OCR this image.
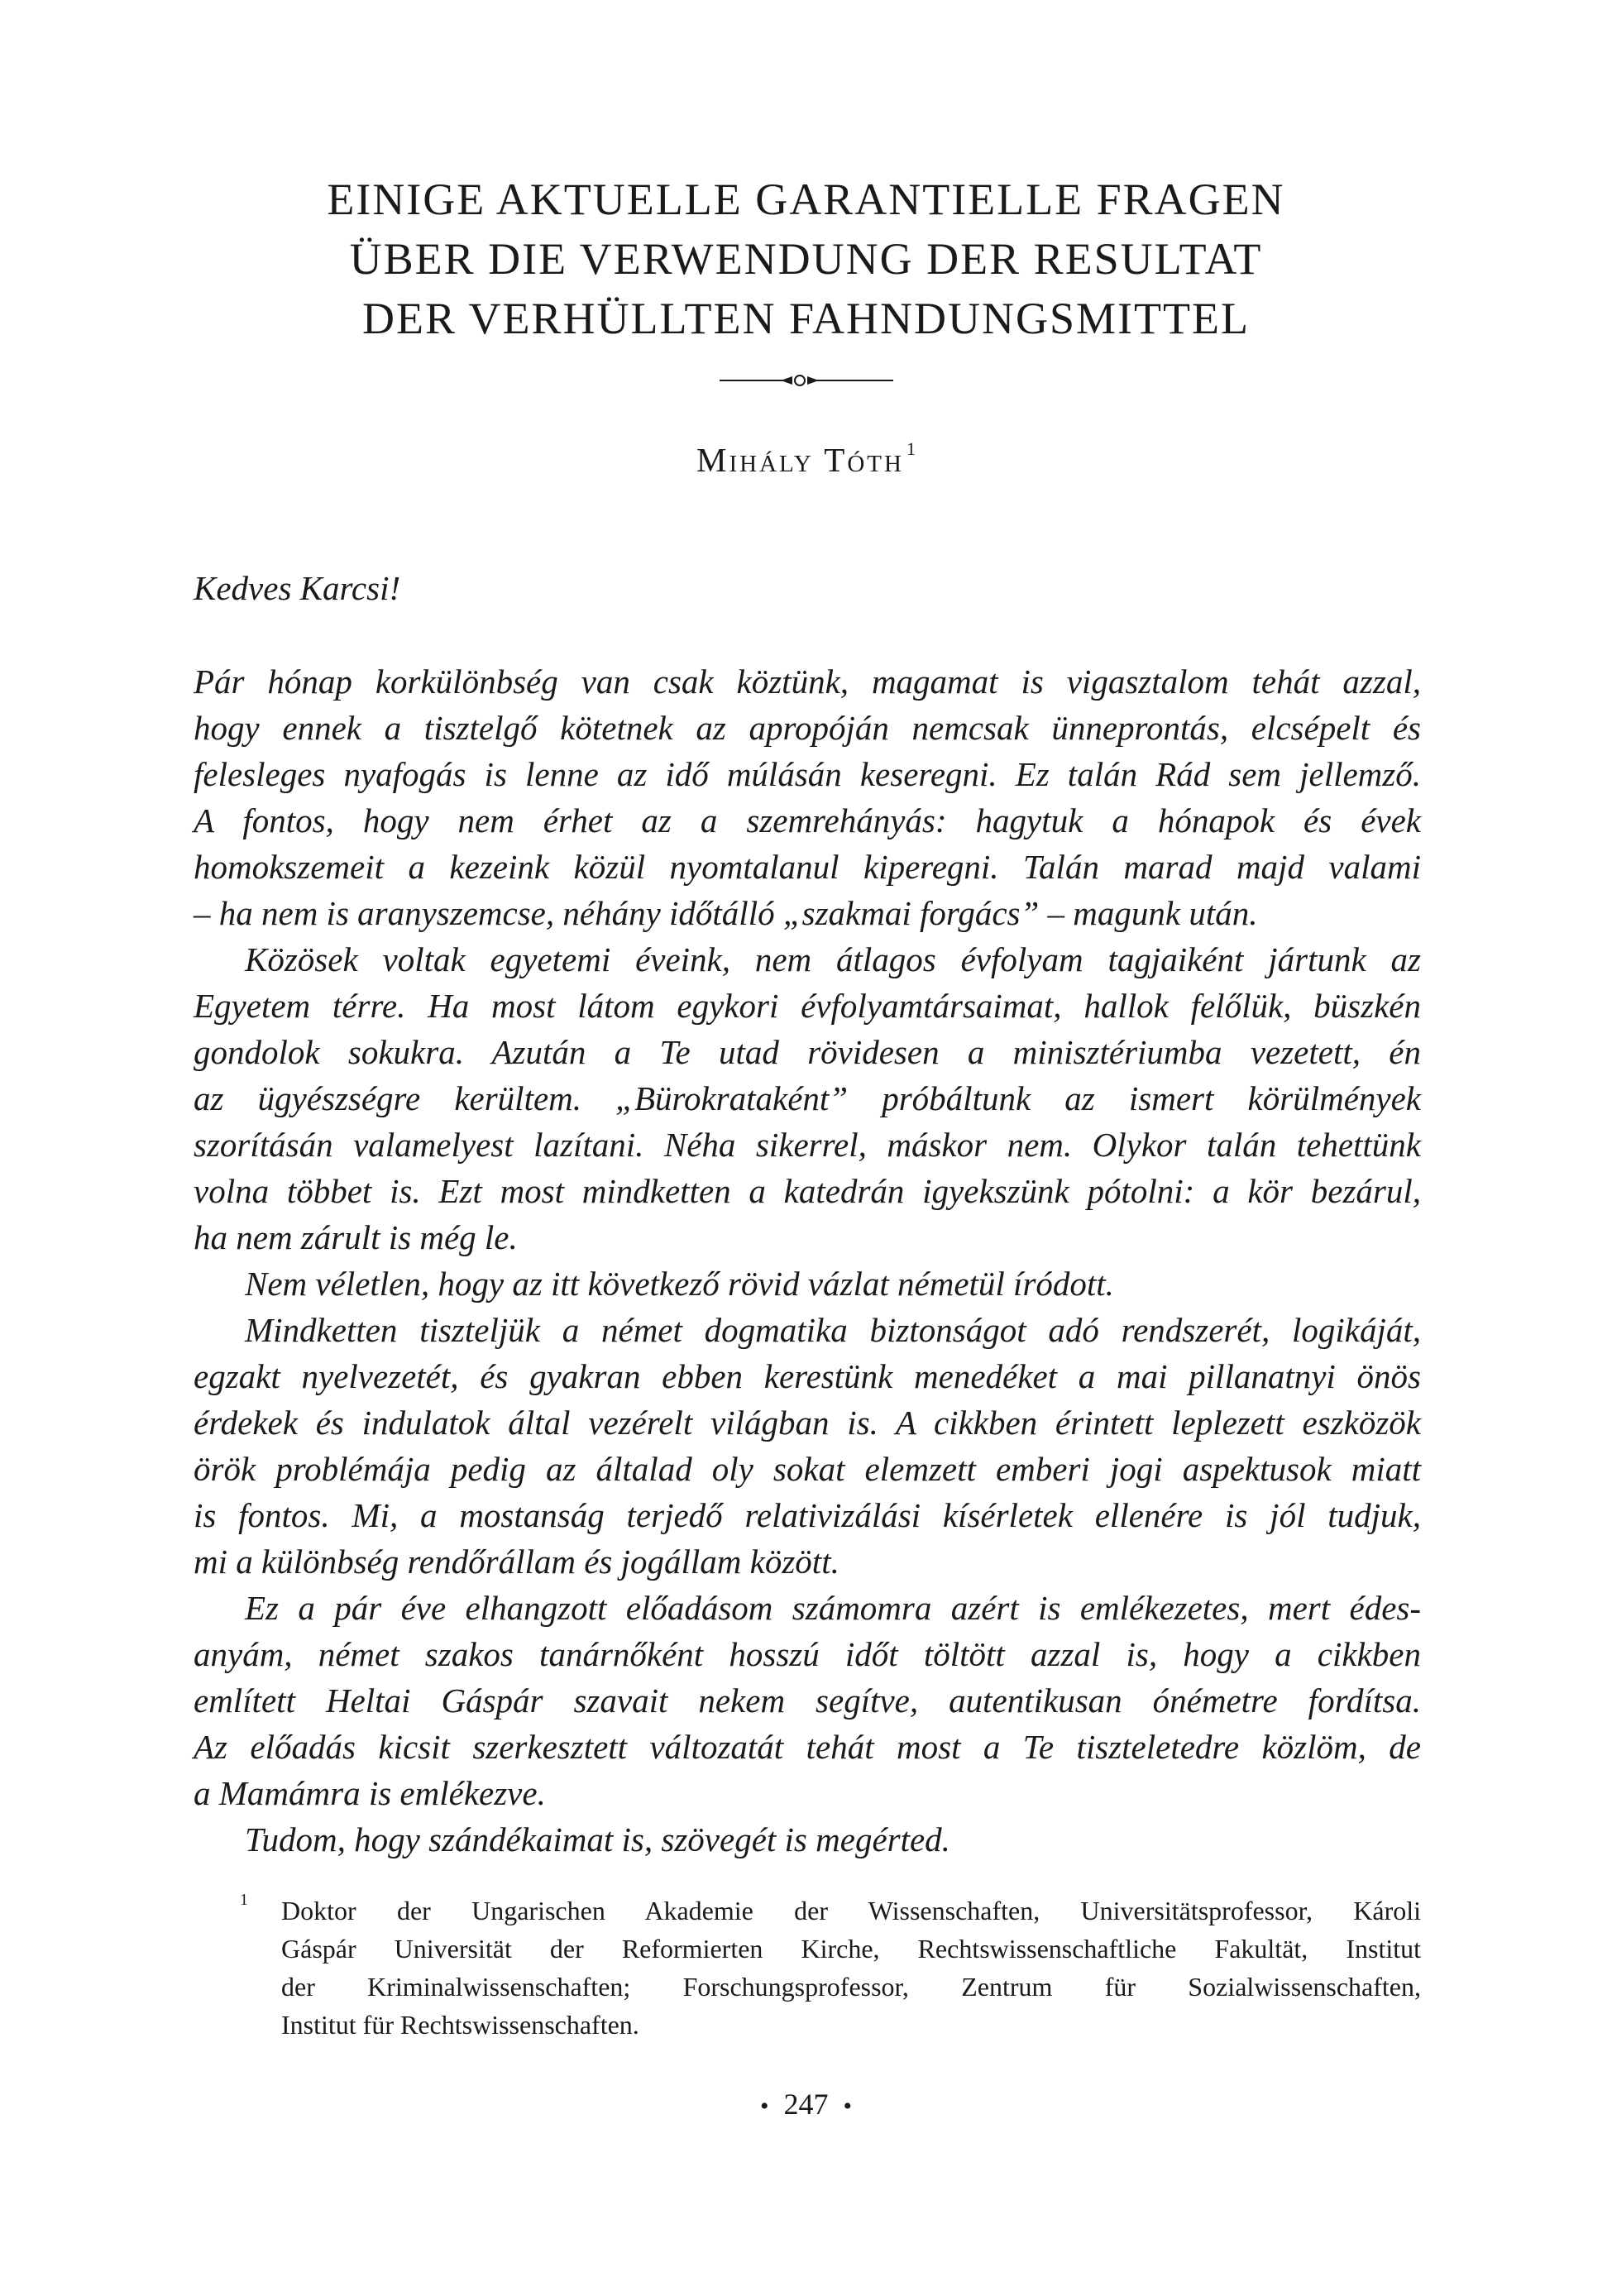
EINIGE AKTUELLE GARANTIELLE FRAGEN
ÜBER DIE VERWENDUNG DER RESULTAT
DER VERHÜLLTEN FAHNDUNGSMITTEL
Mihály Tóth $^1$
Kedves Karcsi!
Pár hónap korkülönbség van csak köztünk, magamat is vigasztalom tehát azzal,
hogy ennek a tisztelgő kötetnek az apropóján nemcsak ünneprontás, elcsépelt és
felesleges nyafogás is lenne az idő múlásán keseregni. Ez talán Rád sem jellemző.
A fontos, hogy nem érhet az a szemrehányás: hagytuk a hónapok és évek
homokszemeit a kezeink közül nyomtalanul kiperegni. Talán marad majd valami
– ha nem is aranyszemcse, néhány időtálló „szakmai forgács” – magunk után.
Közösek voltak egyetemi éveink, nem átlagos évfolyam tagjaiként jártunk az
Egyetem térre. Ha most látom egykori évfolyamtársaimat, hallok felőlük, büszkén
gondolok sokukra. Azután a Te utad rövidesen a minisztériumba vezetett, én
az ügyészségre kerültem. „Bürokrataként” próbáltunk az ismert körülmények
szorításán valamelyest lazítani. Néha sikerrel, máskor nem. Olykor talán tehettünk
volna többet is. Ezt most mindketten a katedrán igyekszünk pótolni: a kör bezárul,
ha nem zárult is még le.
Nem véletlen, hogy az itt következő rövid vázlat németül íródott.
Mindketten tiszteljük a német dogmatika biztonságot adó rendszerét, logikáját,
egzakt nyelvezetét, és gyakran ebben kerestünk menedéket a mai pillanatnyi önös
érdekek és indulatok által vezérelt világban is. A cikkben érintett leplezett eszközök
örök problémája pedig az általad oly sokat elemzett emberi jogi aspektusok miatt
is fontos. Mi, a mostanság terjedő relativizálási kísérletek ellenére is jól tudjuk,
mi a különbség rendőrállam és jogállam között.
Ez a pár éve elhangzott előadásom számomra azért is emlékezetes, mert édes-
anyám, német szakos tanárnőként hosszú időt töltött azzal is, hogy a cikkben
említett Heltai Gáspár szavait nekem segítve, autentikusan ónémetre fordítsa.
Az előadás kicsit szerkesztett változatát tehát most a Te tiszteletedre közlöm, de
a Mamámra is emlékezve.
Tudom, hogy szándékaimat is, szövegét is megérted.
1 Doktor der Ungarischen Akademie der Wissenschaften, Universitätsprofessor, Károli
Gáspár Universität der Reformierten Kirche, Rechtswissenschaftliche Fakultät, Institut
der Kriminalwissenschaften; Forschungsprofessor, Zentrum für Sozialwissenschaften,
Institut für Rechtswissenschaften.
• 247 •
